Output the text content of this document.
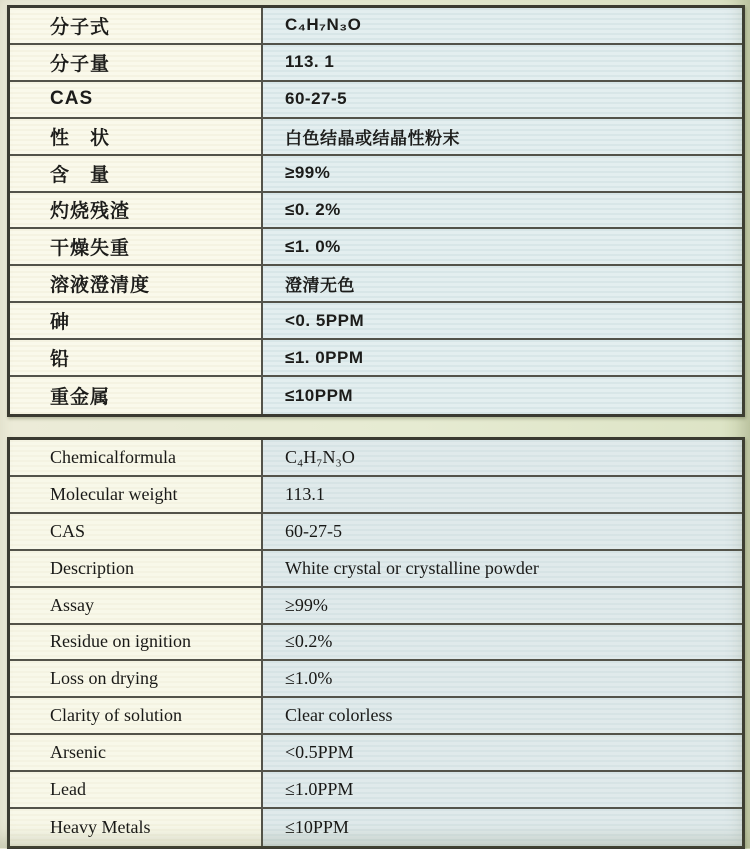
分子式	C₄H₇N₃O
分子量	113. 1
CAS	60-27-5
性　状	白色结晶或结晶性粉末
含　量	≥99%
灼烧残渣	≤0. 2%
干燥失重	≤1. 0%
溶液澄清度	澄清无色
砷	<0. 5PPM
铅	≤1. 0PPM
重金属	≤10PPM
Chemicalformula	C₄H₇N₃O
Molecular weight	113.1
CAS	60-27-5
Description	White crystal or crystalline powder
Assay	≥99%
Residue on ignition	≤0.2%
Loss on drying	≤1.0%
Clarity of solution	Clear colorless
Arsenic	<0.5PPM
Lead	≤1.0PPM
Heavy Metals	≤10PPM
